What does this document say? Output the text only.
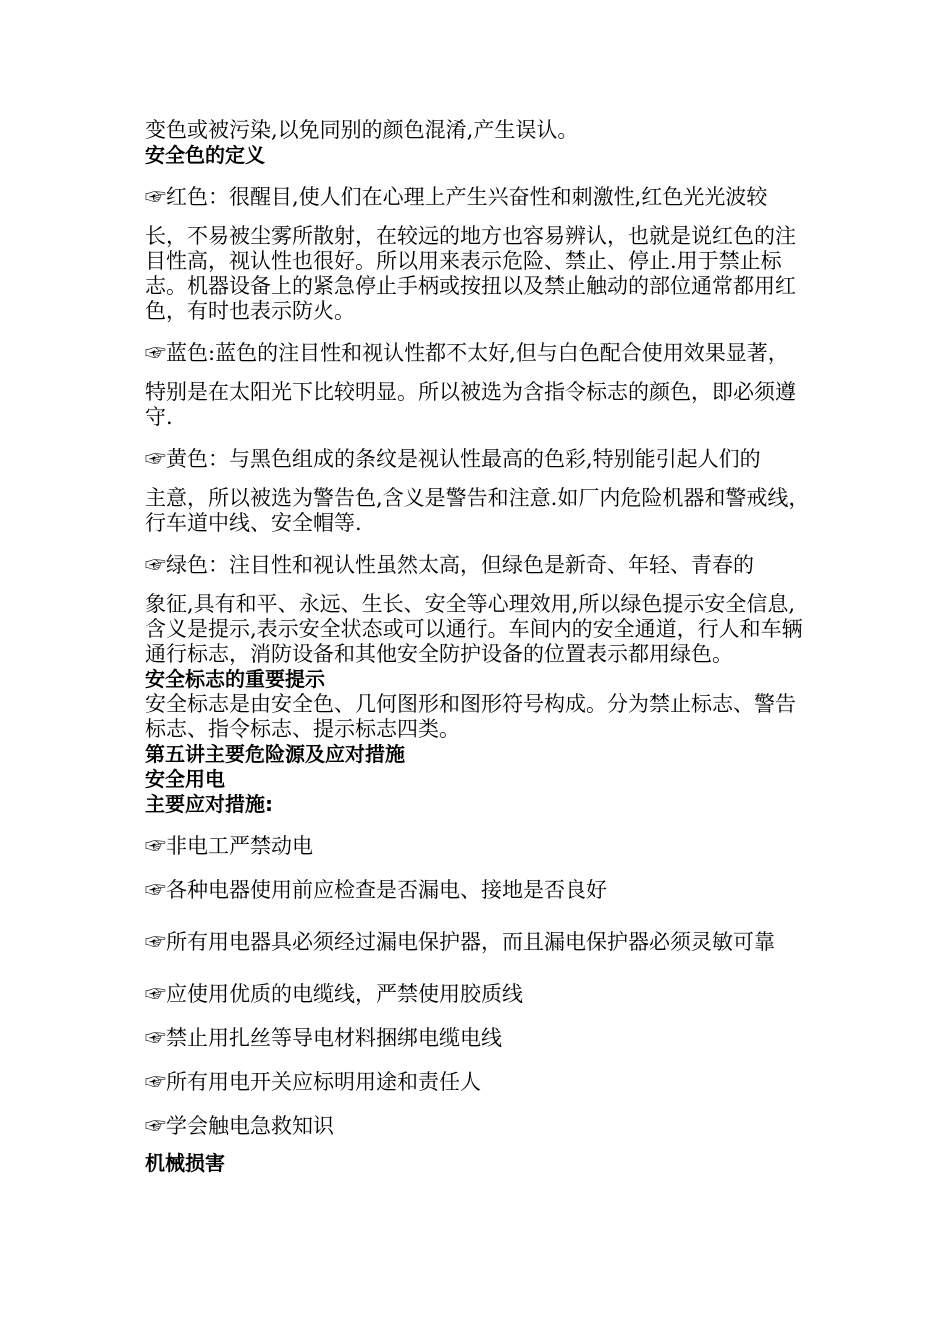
变色或被污染,以免同别的颜色混淆,产生误认。

安全色的定义

☞红色：很醒目,使人们在心理上产生兴奋性和刺激性,红色光光波较
长，不易被尘雾所散射，在较远的地方也容易辨认，也就是说红色的注目性高，视认性也很好。所以用来表示危险、禁止、停止.用于禁止标志。机器设备上的紧急停止手柄或按扭以及禁止触动的部位通常都用红色，有时也表示防火。
☞蓝色:蓝色的注目性和视认性都不太好,但与白色配合使用效果显著，
特别是在太阳光下比较明显。所以被选为含指令标志的颜色，即必须遵守.
☞黄色：与黑色组成的条纹是视认性最高的色彩,特别能引起人们的
主意，所以被选为警告色,含义是警告和注意.如厂内危险机器和警戒线，行车道中线、安全帽等.
☞绿色：注目性和视认性虽然太高，但绿色是新奇、年轻、青春的
象征,具有和平、永远、生长、安全等心理效用,所以绿色提示安全信息,含义是提示,表示安全状态或可以通行。车间内的安全通道，行人和车辆通行标志，消防设备和其他安全防护设备的位置表示都用绿色。

安全标志的重要提示

安全标志是由安全色、几何图形和图形符号构成。分为禁止标志、警告标志、指令标志、提示标志四类。

第五讲主要危险源及应对措施

安全用电

主要应对措施:

☞非电工严禁动电
☞各种电器使用前应检查是否漏电、接地是否良好
☞所有用电器具必须经过漏电保护器，而且漏电保护器必须灵敏可靠
☞应使用优质的电缆线，严禁使用胶质线
☞禁止用扎丝等导电材料捆绑电缆电线
☞所有用电开关应标明用途和责任人
☞学会触电急救知识

机械损害
